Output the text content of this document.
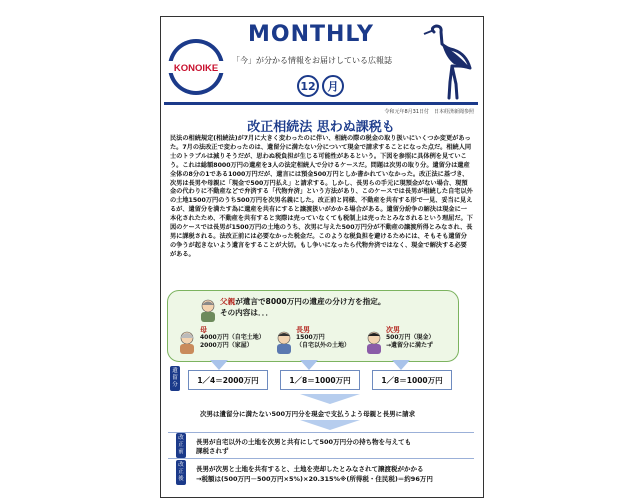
KONOIKE
MONTHLY
「今」が分かる情報をお届けしている広報誌
12	月
令和元年8月31日付　日本経済新聞参照
改正相続法 思わぬ課税も
民法の相続規定(相続法)が7月に大きく変わったのに伴い、相続の際の税金の取り扱いにいくつか変更があった。7月の法改正で変わったのは、遺留分に満たない分について現金で請求することになった点だ。相続人同士のトラブルは減りそうだが、思わぬ税負担が生じる可能性があるという。下図を参照に具体例を見ていこう。これは総額8000万円の遺産を3人の法定相続人で分けるケースだ。問題は次男の取り分。遺留分は遺産全体の8分の1である1000万円だが、遺言には預金500万円としか書かれていなかった。改正法に基づき、次男は長男や母親に「現金で500万円払え」と請求する。しかし、長男らの手元に現預金がない場合、現預金の代わりに不動産などで弁済する「代物弁済」という方法があり、このケースでは長男が相続した自宅以外の土地1500万円のうち500万円を次男名義にした。改正前と同様、不動産を共有する形で一見、妥当に見えるが、遺留分を満たす為に遺産を共有にすると譲渡扱いがかかる場合がある。遺留分紛争の解決は現金に一本化されたため、不動産を共有すると実際は売っていなくても税制上は売ったとみなされるという理屈だ。下図のケースでは長男が1500万円の土地のうち、次男に与えた500万円分が不動産の譲渡所得とみなされ、長男に課税される。法改正前には必要なかった税金だ。このような税負担を避けるためには、そもそも遺留分の争うが起きないよう遺言をすることが大切。もし争いになったら代物弁済ではなく、現金で解決する必要がある。
父親が遺言で8000万円の遺産の分け方を指定。
その内容は．．．
母
4000万円（自宅土地）
2000万円（家屋）
長男
1500万円
（自宅以外の土地）
次男
500万円（現金）
→遺留分に満たず
遺留分
1／4＝2000万円	1／8＝1000万円	1／8＝1000万円
次男は遺留分に満たない500万円分を現金で支払うよう母親と長男に請求
改正前
長男が自宅以外の土地を次男と共有にして500万円分の持ち物を与えても
課税されず
改正後
長男が次男と土地を共有すると、土地を売却したとみなされて譲渡税がかかる
→税額は(500万円－500万円×5%)×20.315%※(所得税・住民税)＝約96万円
